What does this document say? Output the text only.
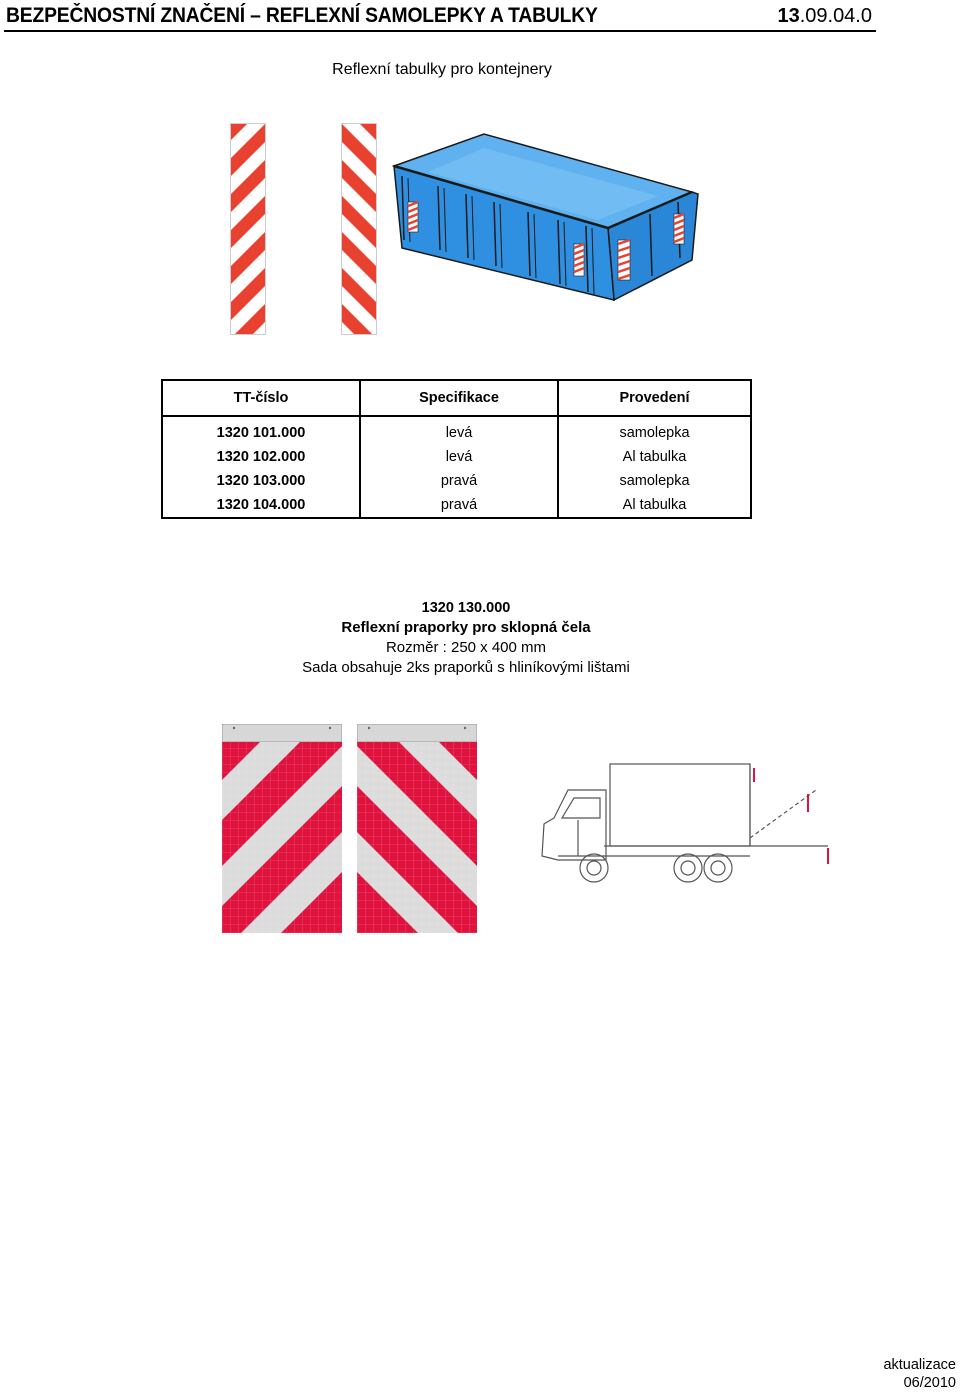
BEZPEČNOSTNÍ ZNAČENÍ – REFLEXNÍ SAMOLEPKY A TABULKY	13.09.04.0
Reflexní tabulky pro kontejnery
TT-číslo	Specifikace	Provedení
1320 101.000	levá	samolepka
1320 102.000	levá	Al tabulka
1320 103.000	pravá	samolepka
1320 104.000	pravá	Al tabulka
1320 130.000
Reflexní praporky pro sklopná čela
Rozměr : 250 x 400 mm
Sada obsahuje 2ks praporků s hliníkovými lištami
aktualizace
06/2010
